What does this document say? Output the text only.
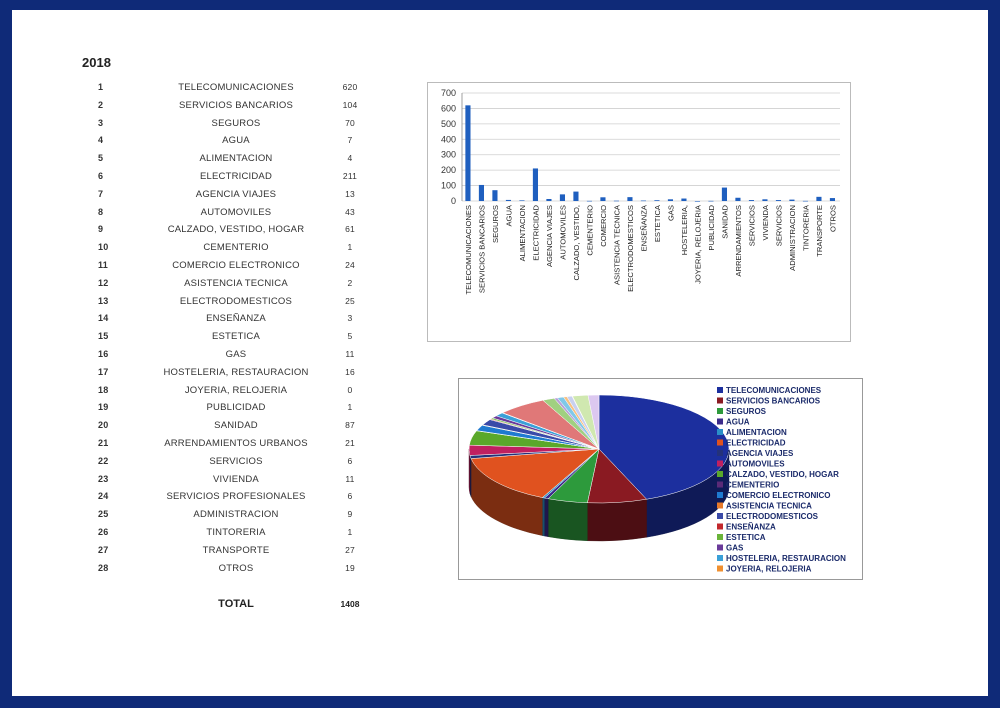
2018
1	TELECOMUNICACIONES	620
2	SERVICIOS BANCARIOS	104
3	SEGUROS	70
4	AGUA	7
5	ALIMENTACION	4
6	ELECTRICIDAD	211
7	AGENCIA VIAJES	13
8	AUTOMOVILES	43
9	CALZADO, VESTIDO, HOGAR	61
10	CEMENTERIO	1
11	COMERCIO ELECTRONICO	24
12	ASISTENCIA TECNICA	2
13	ELECTRODOMESTICOS	25
14	ENSEÑANZA	3
15	ESTETICA	5
16	GAS	11
17	HOSTELERIA, RESTAURACION	16
18	JOYERIA, RELOJERIA	0
19	PUBLICIDAD	1
20	SANIDAD	87
21	ARRENDAMIENTOS URBANOS	21
22	SERVICIOS	6
23	VIVIENDA	11
24	SERVICIOS PROFESIONALES	6
25	ADMINISTRACION	9
26	TINTORERIA	1
27	TRANSPORTE	27
28	OTROS	19
TOTAL	1408
0
100
200
300
400
500
600
700
TELECOMUNICACIONES SERVICIOS BANCARIOS SEGUROS AGUA ALIMENTACION ELECTRICIDAD AGENCIA VIAJES AUTOMOVILES CALZADO, VESTIDO, CEMENTERIO COMERCIO ASISTENCIA TECNICA ELECTRODOMESTICOS ENSEÑANZA ESTETICA GAS HOSTELERIA, JOYERIA, RELOJERIA PUBLICIDAD SANIDAD ARRENDAMIENTOS SERVICIOS VIVIENDA SERVICIOS ADMINISTRACION TINTORERIA TRANSPORTE OTROS
TELECOMUNICACIONES
SERVICIOS BANCARIOS
SEGUROS
AGUA
ALIMENTACION
ELECTRICIDAD
AGENCIA VIAJES
AUTOMOVILES
CALZADO, VESTIDO, HOGAR
CEMENTERIO
COMERCIO ELECTRONICO
ASISTENCIA TECNICA
ELECTRODOMESTICOS
ENSEÑANZA
ESTETICA
GAS
HOSTELERIA, RESTAURACION
JOYERIA, RELOJERIA
